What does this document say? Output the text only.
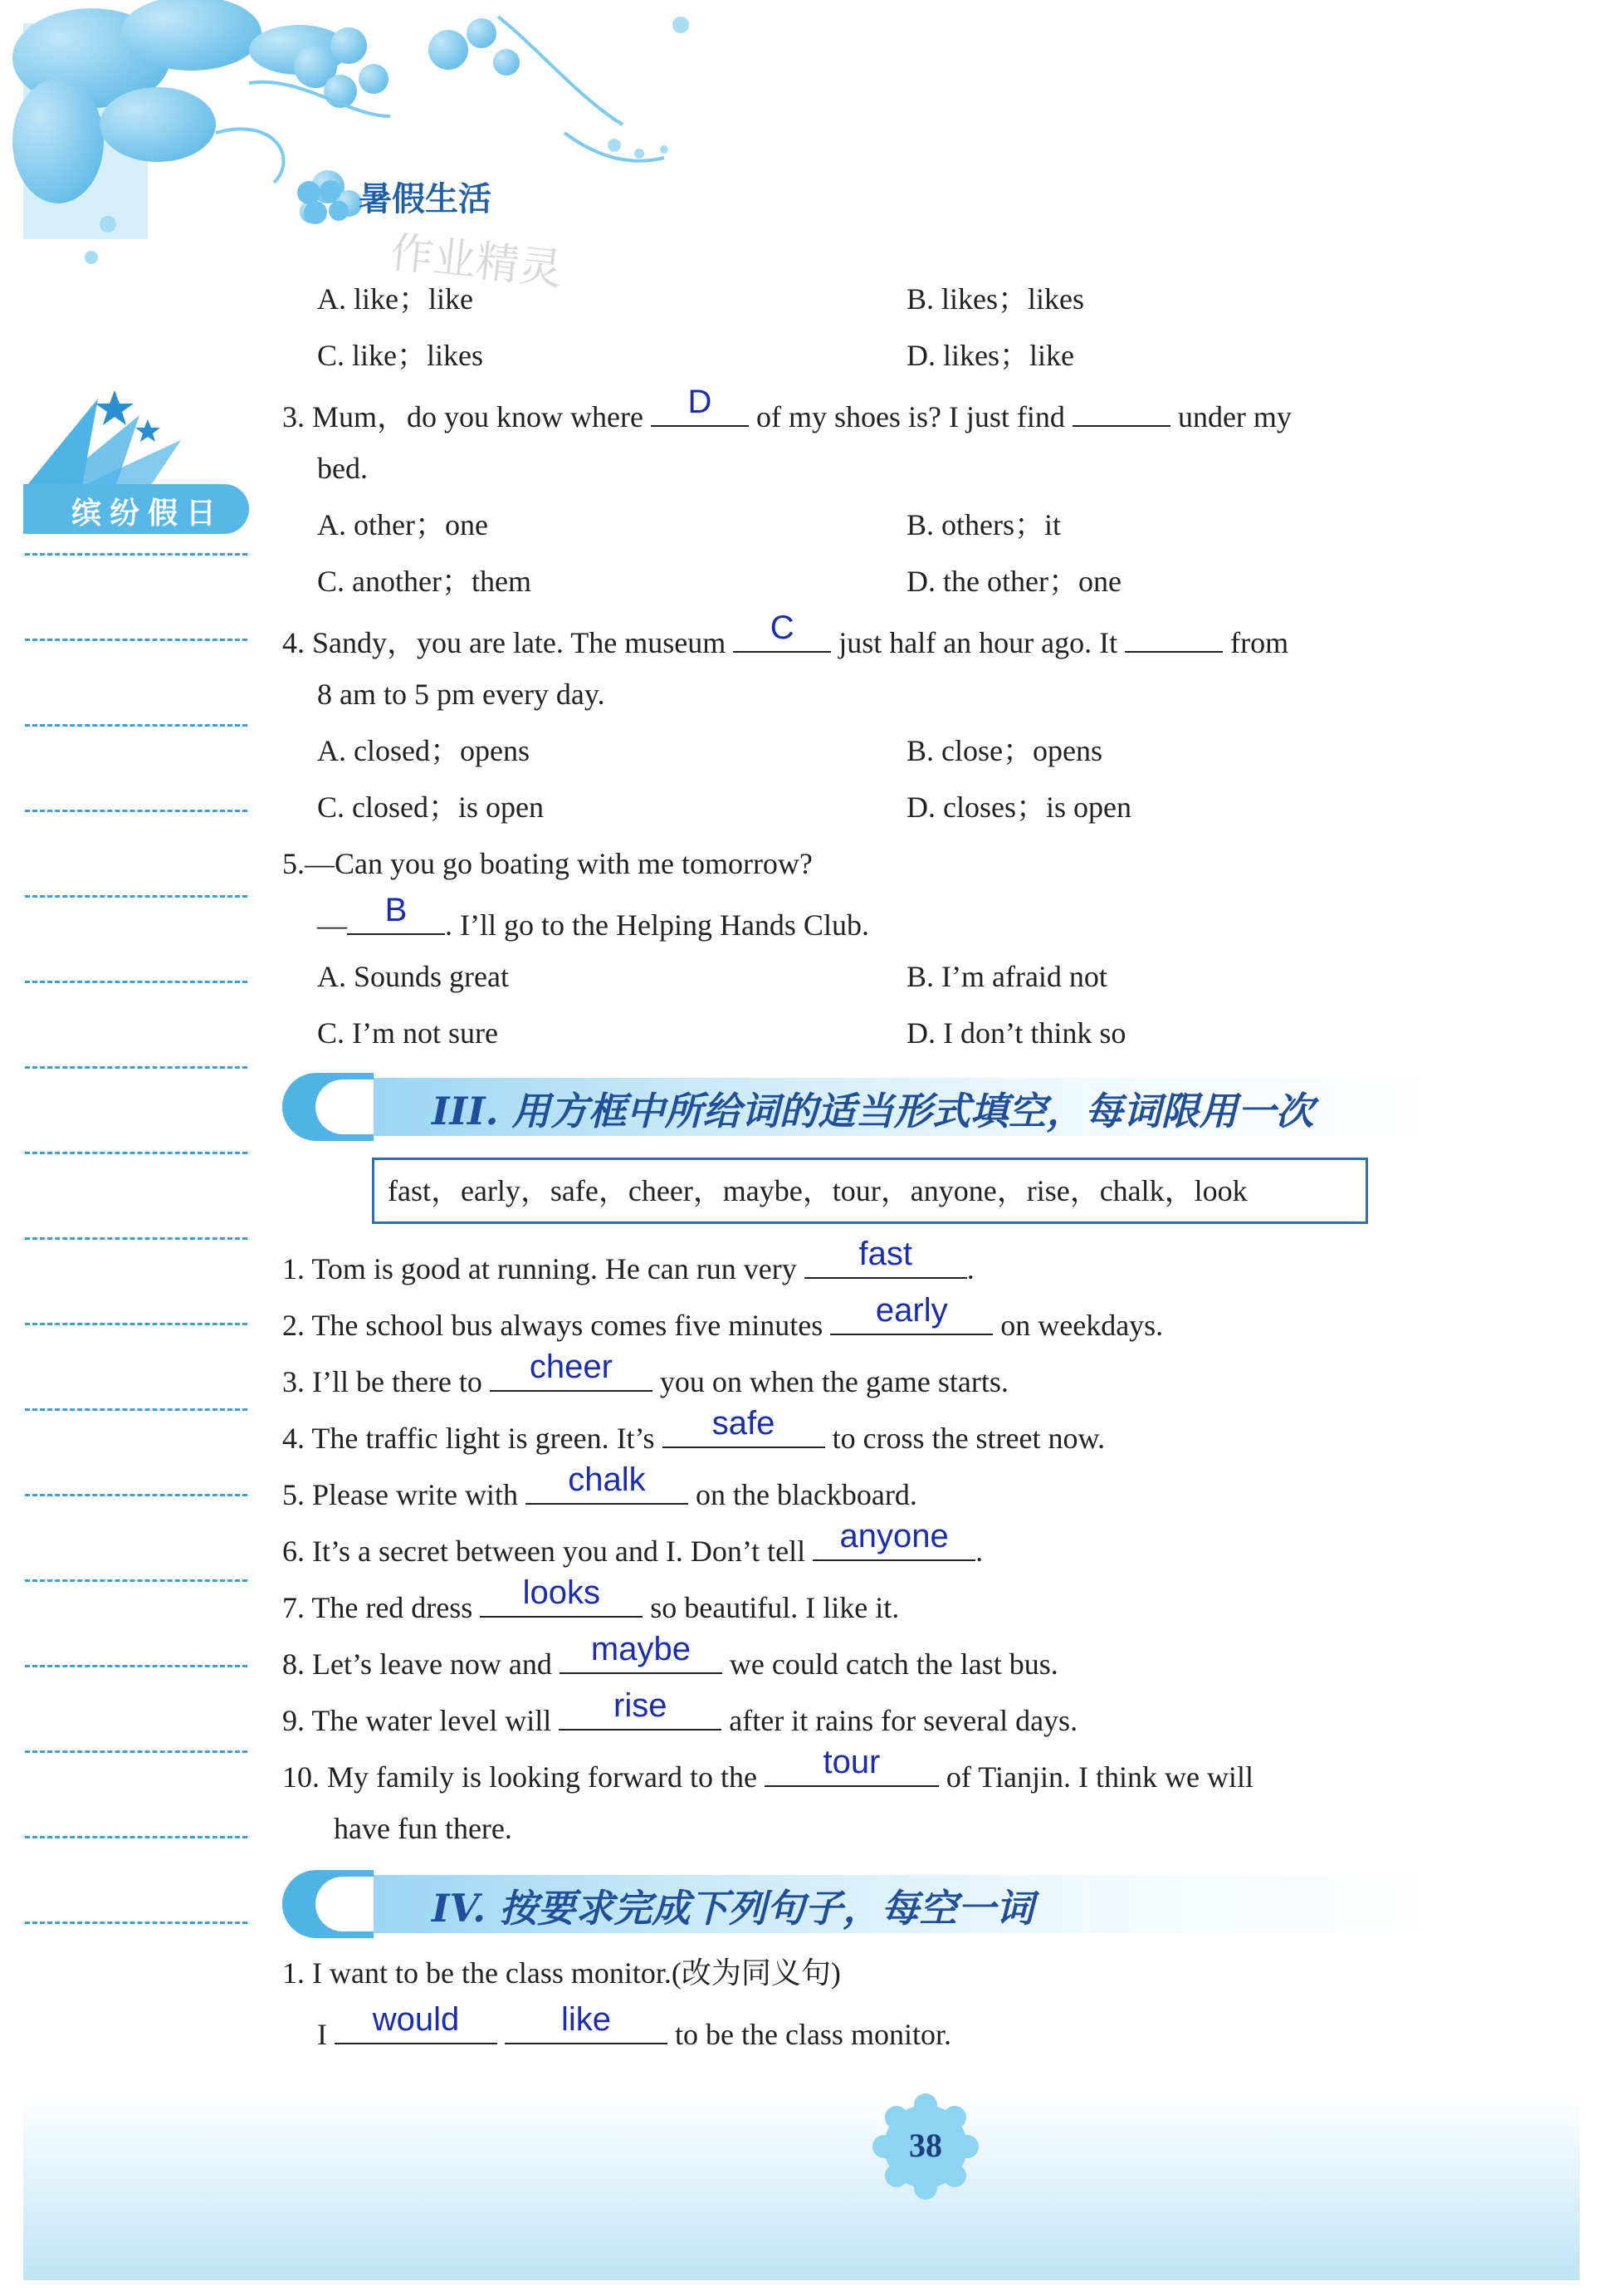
暑假生活
作业精灵
缤纷假日
A. like；like	B. likes；likes
C. like；likes	D. likes；like
3. Mum，do you know where	D	of my shoes is? I just find	under my
bed.
A. other；one	B. others；it
C. another；them	D. the other；one
4. Sandy，you are late. The museum	C	just half an hour ago. It	from
8 am to 5 pm every day.
A. closed；opens	B. close；opens
C. closed；is open	D. closes；is open
5.—Can you go boating with me tomorrow?
—	B	. I’ll go to the Helping Hands Club.
A. Sounds great	B. I’m afraid not
C. I’m not sure	D. I don’t think so
III. 用方框中所给词的适当形式填空，每词限用一次
fast，early，safe，cheer，maybe，tour，anyone，rise，chalk，look
1. Tom is good at running. He can run very	fast	.
2. The school bus always comes five minutes	early	on weekdays.
3. I’ll be there to	cheer	you on when the game starts.
4. The traffic light is green. It’s	safe	to cross the street now.
5. Please write with	chalk	on the blackboard.
6. It’s a secret between you and I. Don’t tell	anyone .
7. The red dress	looks	so beautiful. I like it.
8. Let’s leave now and	maybe	we could catch the last bus.
9. The water level will	rise	after it rains for several days.
10. My family is looking forward to the	tour	of Tianjin. I think we will
have fun there.
IV. 按要求完成下列句子，每空一词
1. I want to be the class monitor.(改为同义句)
I	would
	like	to be the class monitor.
38
